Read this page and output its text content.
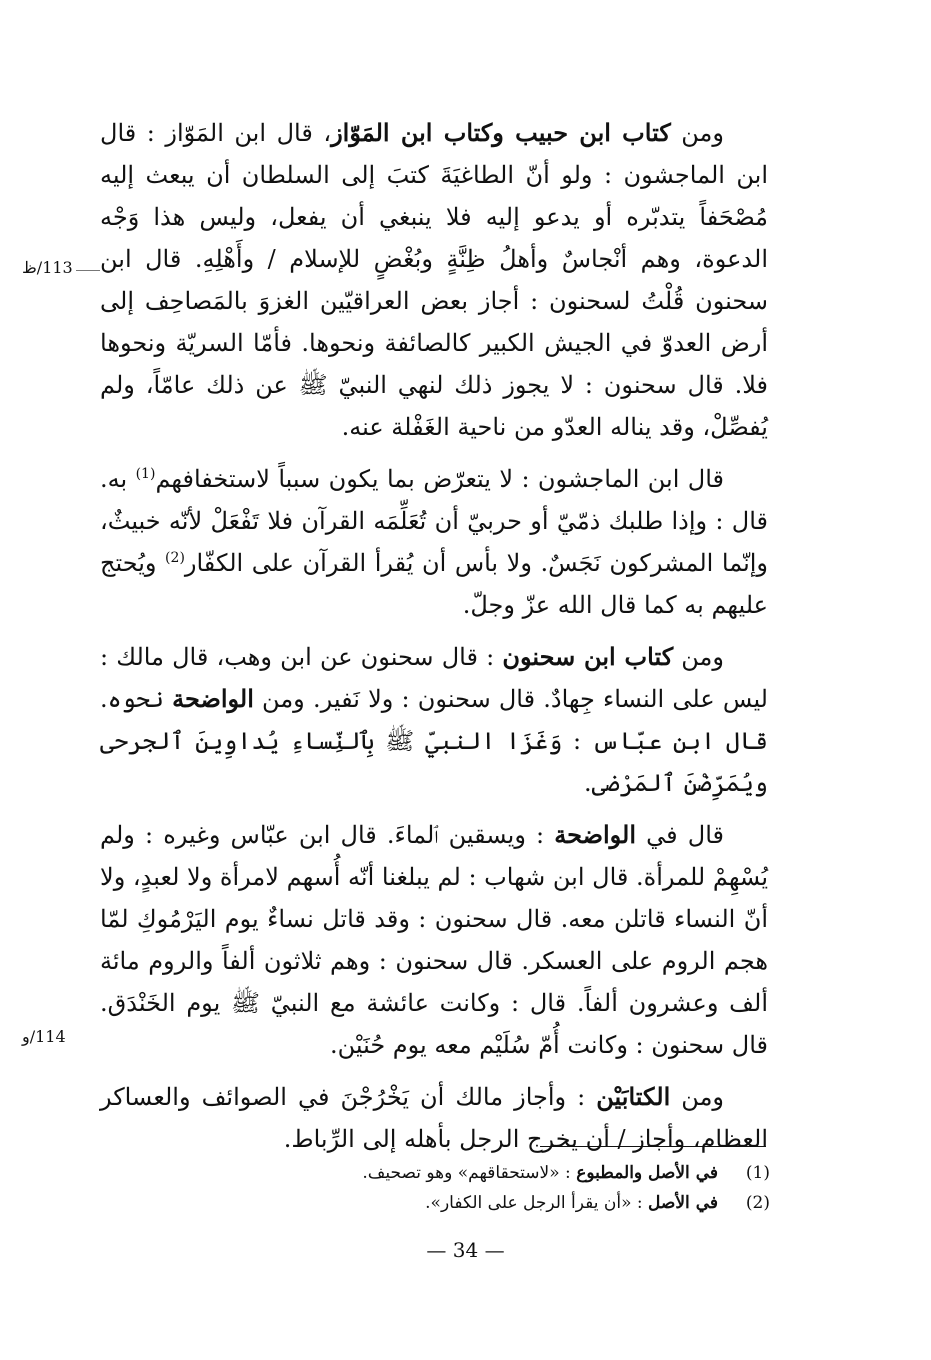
ومن كتاب ابن حبيب وكتاب ابن المَوّاز، قال ابن المَوّاز : قال ابن الماجشون : ولو أنّ الطاغيَةَ كتبَ إلى السلطان أن يبعث إليه مُصْحَفاً يتدبّره أو يدعو إليه فلا ينبغي أن يفعل، وليس هذا وَجْه الدعوة، وهم أنْجاسٌ وأهلُ ظِنَّةٍ وبُغْضٍ للإسلام / وأَهْلِهِ. قال ابن سحنون قُلْتُ لسحنون : أجاز بعض العراقيّين الغزوَ بالمَصاحِف إلى أرض العدوّ في الجيش الكبير كالصائفة ونحوها. فأمّا السريّة ونحوها فلا. قال سحنون : لا يجوز ذلك لنهي النبيّ ﷺ عن ذلك عامّاً، ولم يُفصِّلْ، وقد يناله العدّو من ناحية الغَفْلة عنه.

قال ابن الماجشون : لا يتعرّض بما يكون سبباً لاستخفافهم$^{(1)}$ به. قال : وإذا طلبك ذمّيّ أو حربيّ أن تُعَلِّمَه القرآن فلا تَفْعَلْ لأنّه خبيثٌ، وإنّما المشركون نَجَسٌ. ولا بأس أن يُقرأ القرآن على الكفّار$^{(2)}$ ويُحتج عليهم به كما قال الله عزّ وجلّ.

ومن كتاب ابن سحنون : قال سحنون عن ابن وهب، قال مالك : ليس على النساء جِهادٌ. قال سحنون : ولا نَفير. ومن الواضحة نحوه. قال ابن عبّاس : وَغَزَا النبيّ ﷺ بِٱلنِّساءِ يُداوِينَ ٱلجرحى ويُمَرِّضْنَ ٱلمَرْضى.

قال في الواضحة : ويسقين ٱلماءَ. قال ابن عبّاس وغيره : ولم يُسْهِمْ للمرأة. قال ابن شهاب : لم يبلغنا أنّه أُسهم لامرأة ولا لعبدٍ، ولا أنّ النساء قاتلن معه. قال سحنون : وقد قاتل نساءٌ يوم اليَرْمُوكِ لمّا هجم الروم على العسكر. قال سحنون : وهم ثلاثون ألفاً والروم مائة ألف وعشرون ألفاً. قال : وكانت عائشة مع النبيّ ﷺ يوم الخَنْدَق. قال سحنون : وكانت أُمّ سُلَيْم معه يوم حُنَيْن.

ومن الكتابَيْن : وأجاز مالك أن يَخْرُجْنَ في الصوائف والعساكر العظام، وأجاز / أن يخرج الرجل بأهله إلى الرِّباط.

113/ظ
114/و
(1)
في الأصل والمطبوع : «لاستحقاقهم» وهو تصحيف.
(2)
في الأصل : «أن يقرأ الرجل على الكفار».
— 34 —
